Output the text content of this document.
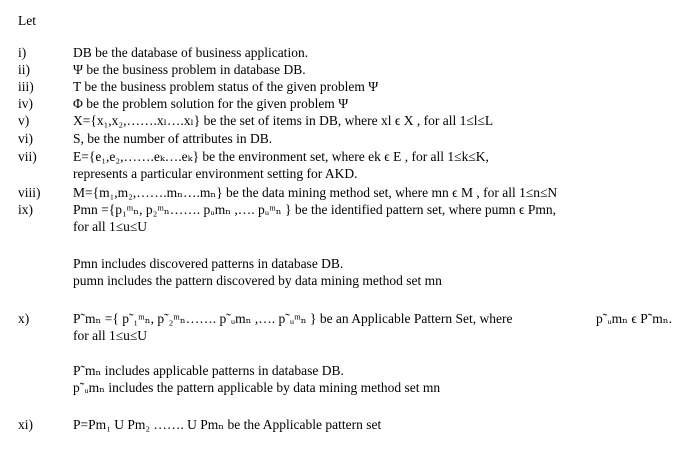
Let
i)	DB be the database of business application.
ii)	Ψ be the business problem in database DB.
iii)	T be the business problem status of the given problem Ψ
iv)	Φ be the problem solution for the given problem Ψ
v)	X={x₁,x₂,…….xₗ….xₗ} be the set of items in DB, where xl ϵ X , for all 1≤l≤L
vi)	S, be the number of attributes in DB.
vii)	E={e₁,e₂,…….eₖ….eₖ} be the environment set, where ek ϵ E , for all 1≤k≤K,
represents a particular environment setting for AKD.
viii) M={m₁,m₂,…….mₙ….mₙ} be the data mining method set, where mn ϵ M , for all 1≤n≤N
ix)	Pmn ={p₁ᵐₙ, p₂ᵐₙ……. pᵤmₙ ,…. pᵤᵐₙ } be the identified pattern set, where pumn ϵ Pmn,
for all 1≤u≤U
Pmn includes discovered patterns in database DB.
pumn includes the pattern discovered by data mining method set mn
x)	P˜mₙ ={ p˜₁ᵐₙ, p˜₂ᵐₙ……. p˜ᵤmₙ ,…. p˜ᵤᵐₙ } be an Applicable Pattern Set, where	p˜ᵤmₙ ϵ P˜mₙ.
for all 1≤u≤U
P˜mₙ includes applicable patterns in database DB.
p˜ᵤmₙ includes the pattern applicable by data mining method set mn
xi)	P=Pm₁ U Pm₂ ……. U Pmₙ be the Applicable pattern set
